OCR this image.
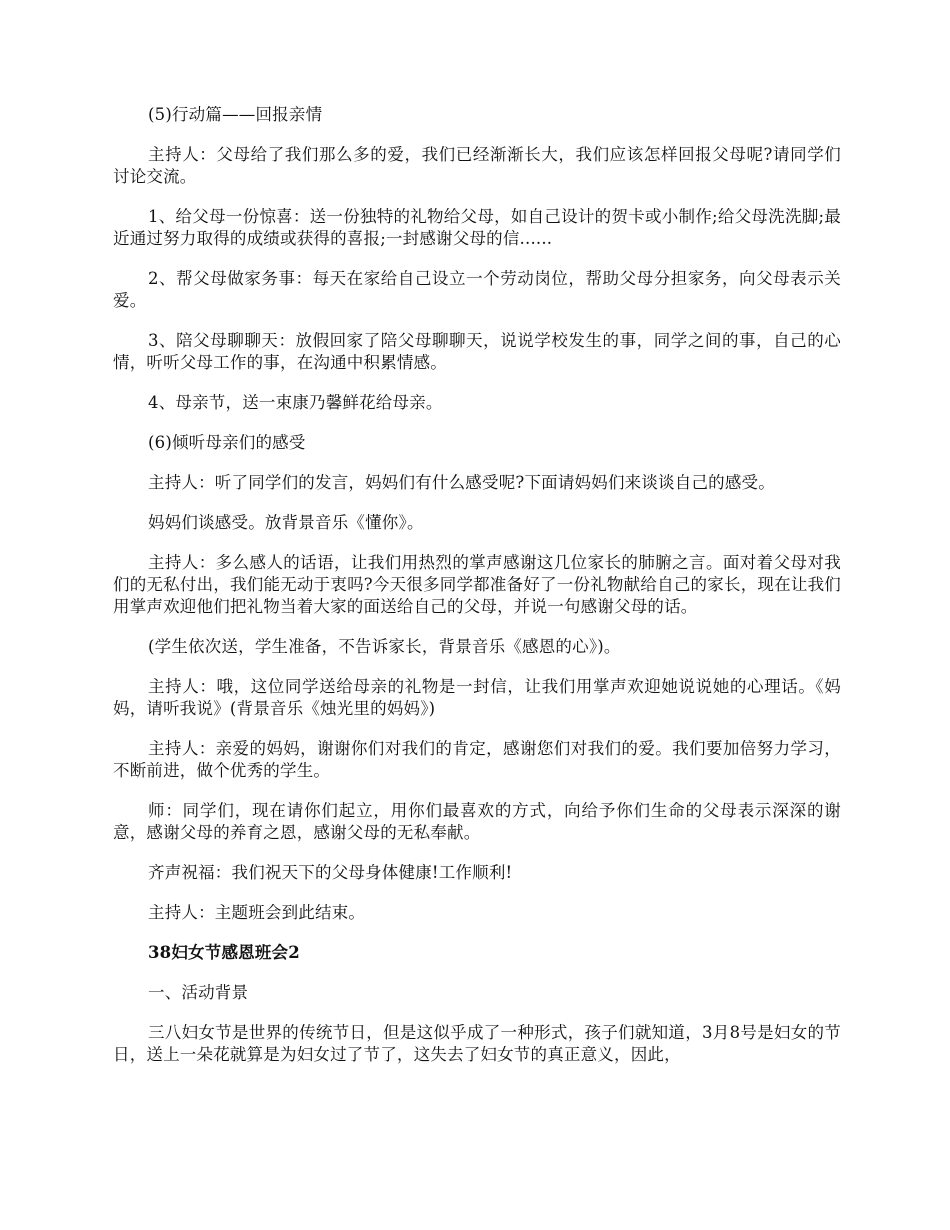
(5)行动篇——回报亲情

主持人：父母给了我们那么多的爱，我们已经渐渐长大，我们应该怎样回报父母呢?请同学们讨论交流。

1、给父母一份惊喜：送一份独特的礼物给父母，如自己设计的贺卡或小制作;给父母洗洗脚;最近通过努力取得的成绩或获得的喜报;一封感谢父母的信......

2、帮父母做家务事：每天在家给自己设立一个劳动岗位，帮助父母分担家务，向父母表示关爱。

3、陪父母聊聊天：放假回家了陪父母聊聊天，说说学校发生的事，同学之间的事，自己的心情，听听父母工作的事，在沟通中积累情感。

4、母亲节，送一束康乃馨鲜花给母亲。

(6)倾听母亲们的感受

主持人：听了同学们的发言，妈妈们有什么感受呢?下面请妈妈们来谈谈自己的感受。

妈妈们谈感受。放背景音乐《懂你》。

主持人：多么感人的话语，让我们用热烈的掌声感谢这几位家长的肺腑之言。面对着父母对我们的无私付出，我们能无动于衷吗?今天很多同学都准备好了一份礼物献给自己的家长，现在让我们用掌声欢迎他们把礼物当着大家的面送给自己的父母，并说一句感谢父母的话。

(学生依次送，学生准备，不告诉家长，背景音乐《感恩的心》)。

主持人：哦，这位同学送给母亲的礼物是一封信，让我们用掌声欢迎她说说她的心理话。《妈妈，请听我说》(背景音乐《烛光里的妈妈》)

主持人：亲爱的妈妈，谢谢你们对我们的肯定，感谢您们对我们的爱。我们要加倍努力学习，不断前进，做个优秀的学生。

师：同学们，现在请你们起立，用你们最喜欢的方式，向给予你们生命的父母表示深深的谢意，感谢父母的养育之恩，感谢父母的无私奉献。

齐声祝福：我们祝天下的父母身体健康!工作顺利!

主持人：主题班会到此结束。

38妇女节感恩班会2

一、活动背景

三八妇女节是世界的传统节日，但是这似乎成了一种形式，孩子们就知道，3月8号是妇女的节日，送上一朵花就算是为妇女过了节了，这失去了妇女节的真正意义，因此，
